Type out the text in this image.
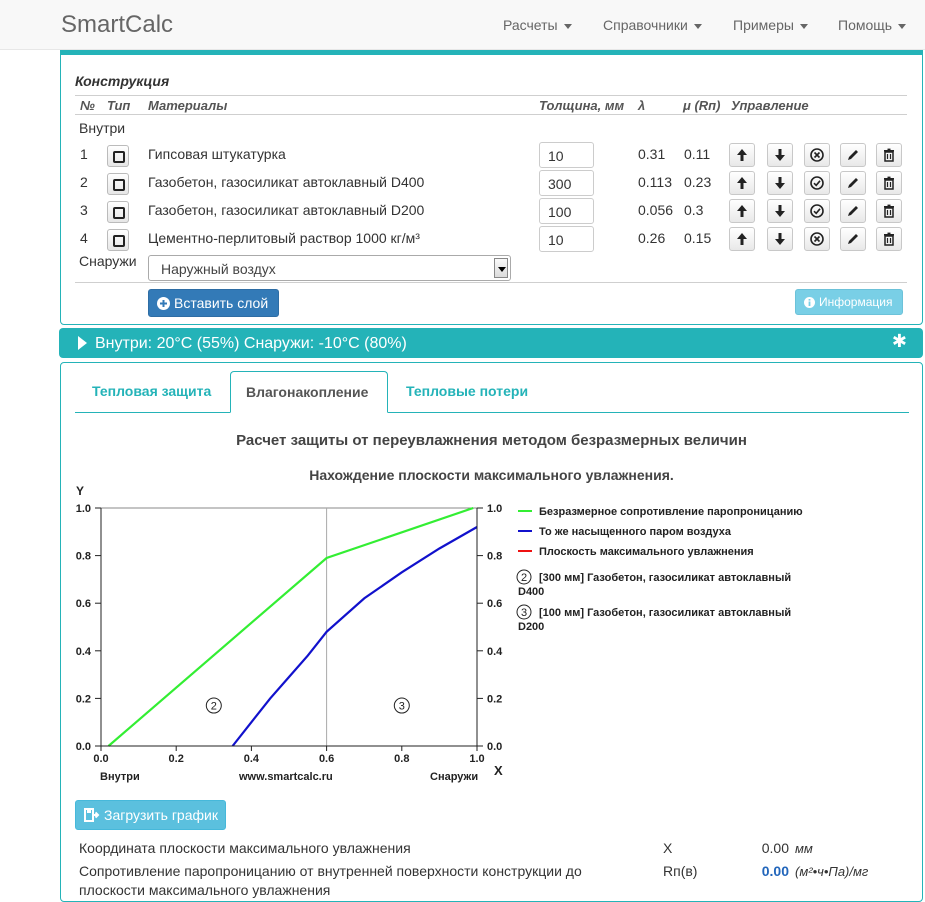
SmartCalc	Расчеты	Справочники	Примеры	Помощь
Конструкция
№ Тип Материалы	Толщина, мм λ	μ (Rп) Управление
Внутри
1	Гипсовая штукатурка	10	0.31 0.11
2	Газобетон, газосиликат автоклавный D400	300	0.113 0.23
3	Газобетон, газосиликат автоклавный D200	100	0.056 0.3
4	Цементно-перлитовый раствор 1000 кг/м³	10	0.26 0.15
Снаружи	Наружный воздух
Вставить слой	Информация
Внутри: 20°C (55%) Снаружи: -10°C (80%)	✱
Тепловая защита Влагонакопление	Тепловые потери
Расчет защиты от переувлажнения методом безразмерных величин
Нахождение плоскости максимального увлажнения.
Y
X
2	3
0.0	0.0
0.2	0.2
0.4	0.4
0.6	0.6
0.8	0.8
1.0	1.0
0.0	0.2	0.4	0.6	0.8	1.0
Внутри	www.smartcalc.ru	Снаружи
Безразмерное сопротивление паропроницанию
То же насыщенного паром воздуха
Плоскость максимального увлажнения
2 [300 мм] Газобетон, газосиликат автоклавный
D400
3 [100 мм] Газобетон, газосиликат автоклавный
D200
Загрузить график
Координата плоскости максимального увлажнения	X	0.00 мм
Сопротивление паропроницанию от внутренней поверхности конструкции до
плоскости максимального увлажнения
Rп(в)	0.00 (м²•ч•Па)/мг
